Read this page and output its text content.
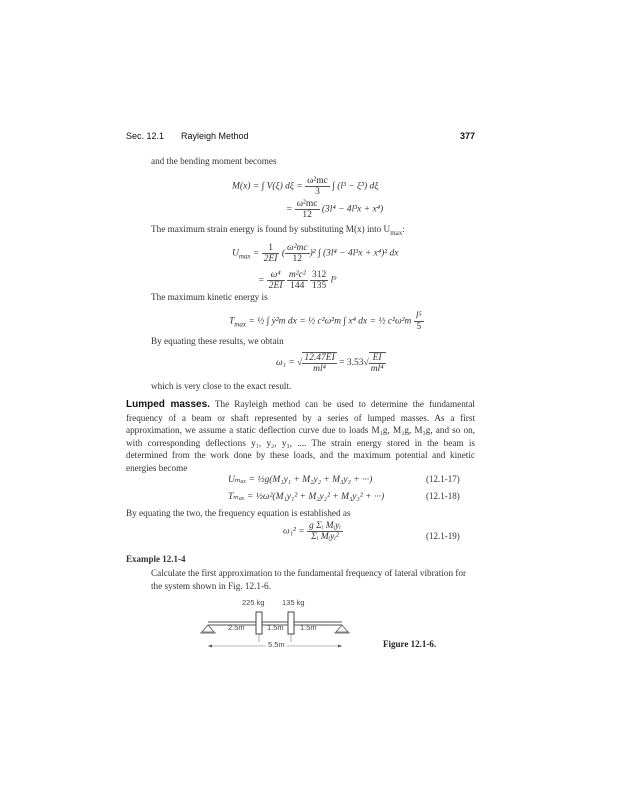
Sec. 12.1 Rayleigh Method	377
and the bending moment becomes
M(x) = ∫ V(ξ) $d\xi = \frac{\text{ω²mc}}{3}$ ∫ (l³ − ξ³) dξ
= $\frac{\text{ω²mc}}{12} (3l^4 - 4l^3x + x^4)$
The maximum strain energy is found by substituting M(x) into $U_{max}$:
$U_{max} = \frac{1}{2EI}$ ( $\frac{\text{ω²mc}}{12} )^2$ ∫ (3l⁴ − 4l³x + x⁴)² dx
= $\frac{\text{ω⁴}}{2EI}$
$\frac{\text{m²c²}}{144}$
$\frac{312}{135} l^9$
The maximum kinetic energy is
$T_{max}$ = ½ ∫ ẏ²m dx = ½ c²ω²m ∫ x⁴ dx = ½ $c^2\omega^2m \frac{\text{l⁵}}{5}$
By equating these results, we obtain
ω₁ = √ $\frac{12.47EI}{\text{ml⁴}} = 3.53√ \frac{EI}{\text{ml⁴}}$
which is very close to the exact result.
Lumped masses. The Rayleigh method can be used to determine the fundamental frequency of a beam or shaft represented by a series of lumped masses. As a first approximation, we assume a static deflection curve due to loads M₁g, M₂g, M₃g, and so on, with corresponding deflections y₁, y₂, y₃, .... The strain energy stored in the beam is determined from the work done by these loads, and the maximum potential and kinetic energies become
Uₘₐₓ = ½g(M₁y₁ + M₂y₂ + M₃y₃ + ···)	(12.1-17)
Tₘₐₓ = ½ω²(M₁y₁² + M₂y₂² + M₃y₃² + ···)	(12.1-18)
By equating the two, the frequency equation is established as
$\omega_1^2 = \frac{\text{g Σᵢ Mᵢyᵢ}}{\text{Σᵢ Mᵢyᵢ²}}$	(12.1-19)
Example 12.1-4
Calculate the first approximation to the fundamental frequency of lateral vibration for the system shown in Fig. 12.1-6.
225 kg 135 kg
2.5m	1.5m 1.5m
5.5m	Figure 12.1-6.
